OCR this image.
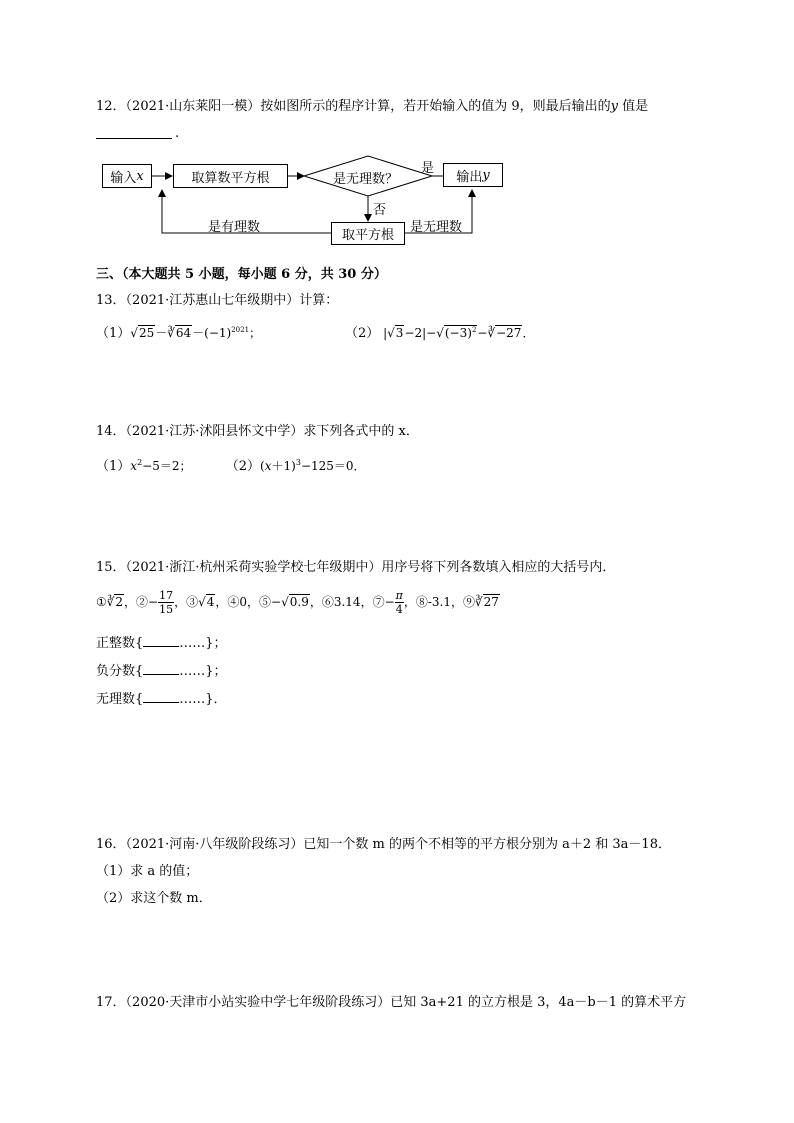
12．（2021·山东莱阳一模）按如图所示的程序计算，若开始输入的值为 9，则最后输出的y 值是
.
输入 x	取算数平方根	是无理数？	输出 y
取平方根
是
否
是有理数	是无理数
三、（本大题共 5 小题，每小题 6 分，共 30 分）
13．（2021·江苏惠山七年级期中）计算：
$(1)√25-∛64-(-1)^{2021}$；	（2） $|√3-2|-√(-3)^2-∛-27$．
14．（2021·江苏·沭阳县怀文中学）求下列各式中的 x．
$(1)x^2-5=2$；	$(2)(x+1)^3-125=0$．
15．（2021·浙江·杭州采荷实验学校七年级期中）用序号将下列各数填入相应的大括号内．
①∛2，②− $\frac{17}{15}$ ，③√4，④0，⑤−√0.9，⑥3.14，⑦− $\frac{\pi}{4}$ ，⑧-3.1，⑨∛27
正整数{	……}；
负分数{	……}；
无理数{	……}．
16．（2021·河南·八年级阶段练习）已知一个数 m 的两个不相等的平方根分别为 a＋2 和 3a－18．
（1）求 a 的值；
（2）求这个数 m．
17．（2020·天津市小站实验中学七年级阶段练习）已知 3a+21 的立方根是 3，4a－b－1 的算术平方
